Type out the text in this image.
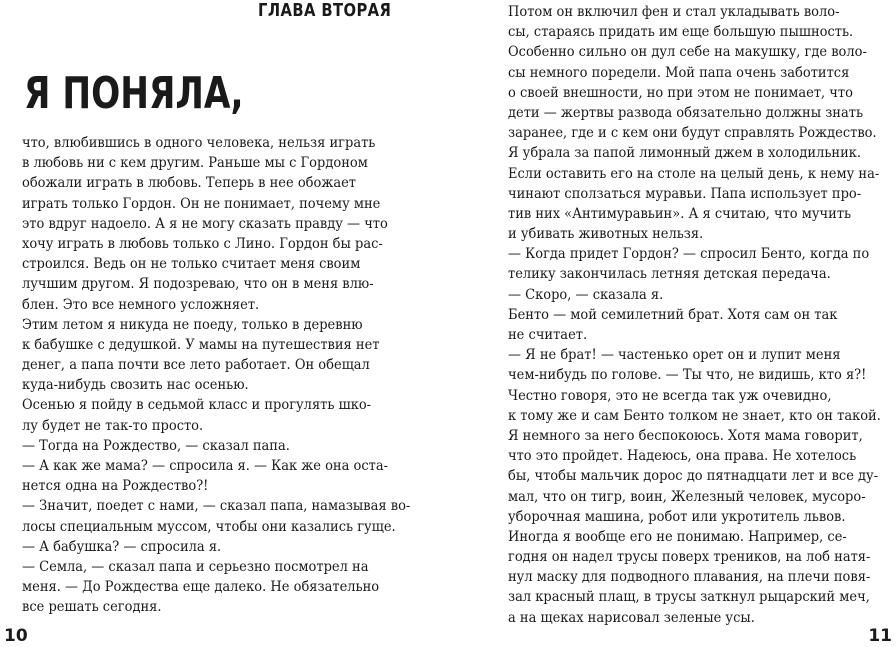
ГЛАВА ВТОРАЯ
Я ПОНЯЛА,
что, влюбившись в одного человека, нельзя играть
в любовь ни с кем другим. Раньше мы с Гордоном
обожали играть в любовь. Теперь в нее обожает
играть только Гордон. Он не понимает, почему мне
это вдруг надоело. А я не могу сказать правду — что
хочу играть в любовь только с Лино. Гордон бы рас-
строился. Ведь он не только считает меня своим
лучшим другом. Я подозреваю, что он в меня влю-
блен. Это все немного усложняет.
Этим летом я никуда не поеду, только в деревню
к бабушке с дедушкой. У мамы на путешествия нет
денег, а папа почти все лето работает. Он обещал
куда-нибудь свозить нас осенью.
Осенью я пойду в седьмой класс и прогулять шко-
лу будет не так-то просто.
— Тогда на Рождество, — сказал папа.
— А как же мама? — спросила я. — Как же она оста-
нется одна на Рождество?!
— Значит, поедет с нами, — сказал папа, намазывая во-
лосы специальным муссом, чтобы они казались гуще.
— А бабушка? — спросила я.
— Семла, — сказал папа и серьезно посмотрел на
меня. — До Рождества еще далеко. Не обязательно
все решать сегодня.
10
Потом он включил фен и стал укладывать воло-
сы, стараясь придать им еще большую пышность.
Особенно сильно он дул себе на макушку, где воло-
сы немного поредели. Мой папа очень заботится
о своей внешности, но при этом не понимает, что
дети — жертвы развода обязательно должны знать
заранее, где и с кем они будут справлять Рождество.
Я убрала за папой лимонный джем в холодильник.
Если оставить его на столе на целый день, к нему на-
чинают сползаться муравьи. Папа использует про-
тив них «Антимуравьин». А я считаю, что мучить
и убивать животных нельзя.
— Когда придет Гордон? — спросил Бенто, когда по
телику закончилась летняя детская передача.
— Скоро, — сказала я.
Бенто — мой семилетний брат. Хотя сам он так
не считает.
— Я не брат! — частенько орет он и лупит меня
чем-нибудь по голове. — Ты что, не видишь, кто я?!
Честно говоря, это не всегда так уж очевидно,
к тому же и сам Бенто толком не знает, кто он такой.
Я немного за него беспокоюсь. Хотя мама говорит,
что это пройдет. Надеюсь, она права. Не хотелось
бы, чтобы мальчик дорос до пятнадцати лет и все ду-
мал, что он тигр, воин, Железный человек, мусоро-
уборочная машина, робот или укротитель львов.
Иногда я вообще его не понимаю. Например, се-
годня он надел трусы поверх треников, на лоб натя-
нул маску для подводного плавания, на плечи повя-
зал красный плащ, в трусы заткнул рыцарский меч,
а на щеках нарисовал зеленые усы.
11
